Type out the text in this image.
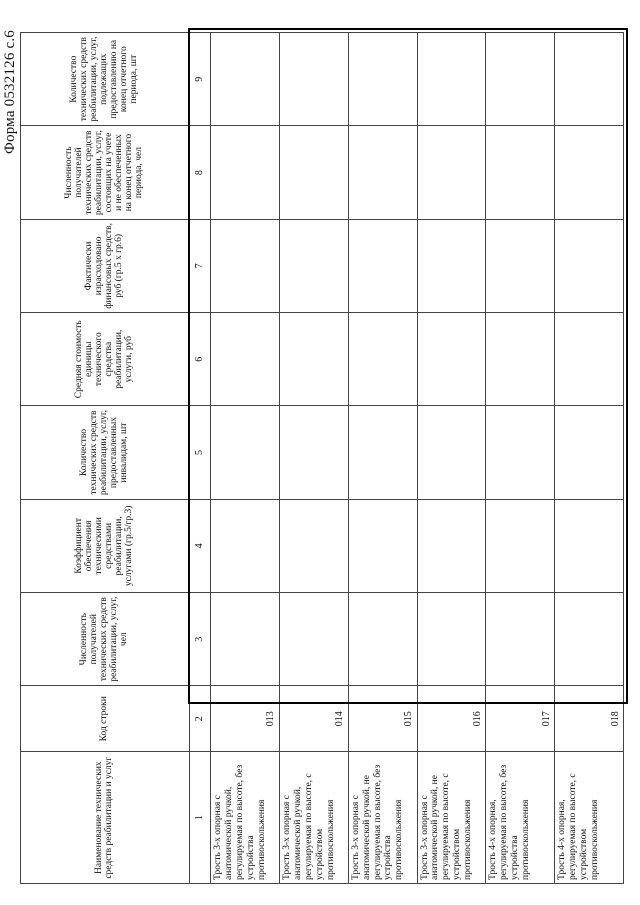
Форма 0532126 с.6
Наименование технических средств реабилитации и услуг	Код строки	Численность получателей технических средств реабилитации, услуг, чел	Коэффициент обеспечения техническими средствами реабилитации, услугами (гр.5/гр.3)	Количество технических средств реабилитации, услуг, предоставленных инвалидам, шт	Средняя стоимость единицы технического средства реабилитации, услуги, руб	Фактически израсходовано финансовых средств, руб (гр.5 х гр.6)	Численность получателей технических средств реабилитации, услуг, состоящих на учете и не обеспеченных на конец отчетного периода, чел	Количество технических средств реабилитации, услуг, подлежащих предоставлению на конец отчетного периода, шт
1	2	3	4	5	6	7	8	9
Трость 3-х опорная с анатомической ручкой, регулируемая по высоте, без устройства противоскольжения	013							
Трость 3-х опорная с анатомической ручкой, регулируемая по высоте, с устройством противоскольжения	014							
Трость 3-х опорная с анатомической ручкой, не регулируемая по высоте, без устройства противоскольжения	015							
Трость 3-х опорная с анатомической ручкой, не регулируемая по высоте, с устройством противоскольжения	016							
Трость 4-х опорная, регулируемая по высоте, без устройства противоскольжения	017							
Трость 4-х опорная, регулируемая по высоте, с устройством противоскольжения	018							
